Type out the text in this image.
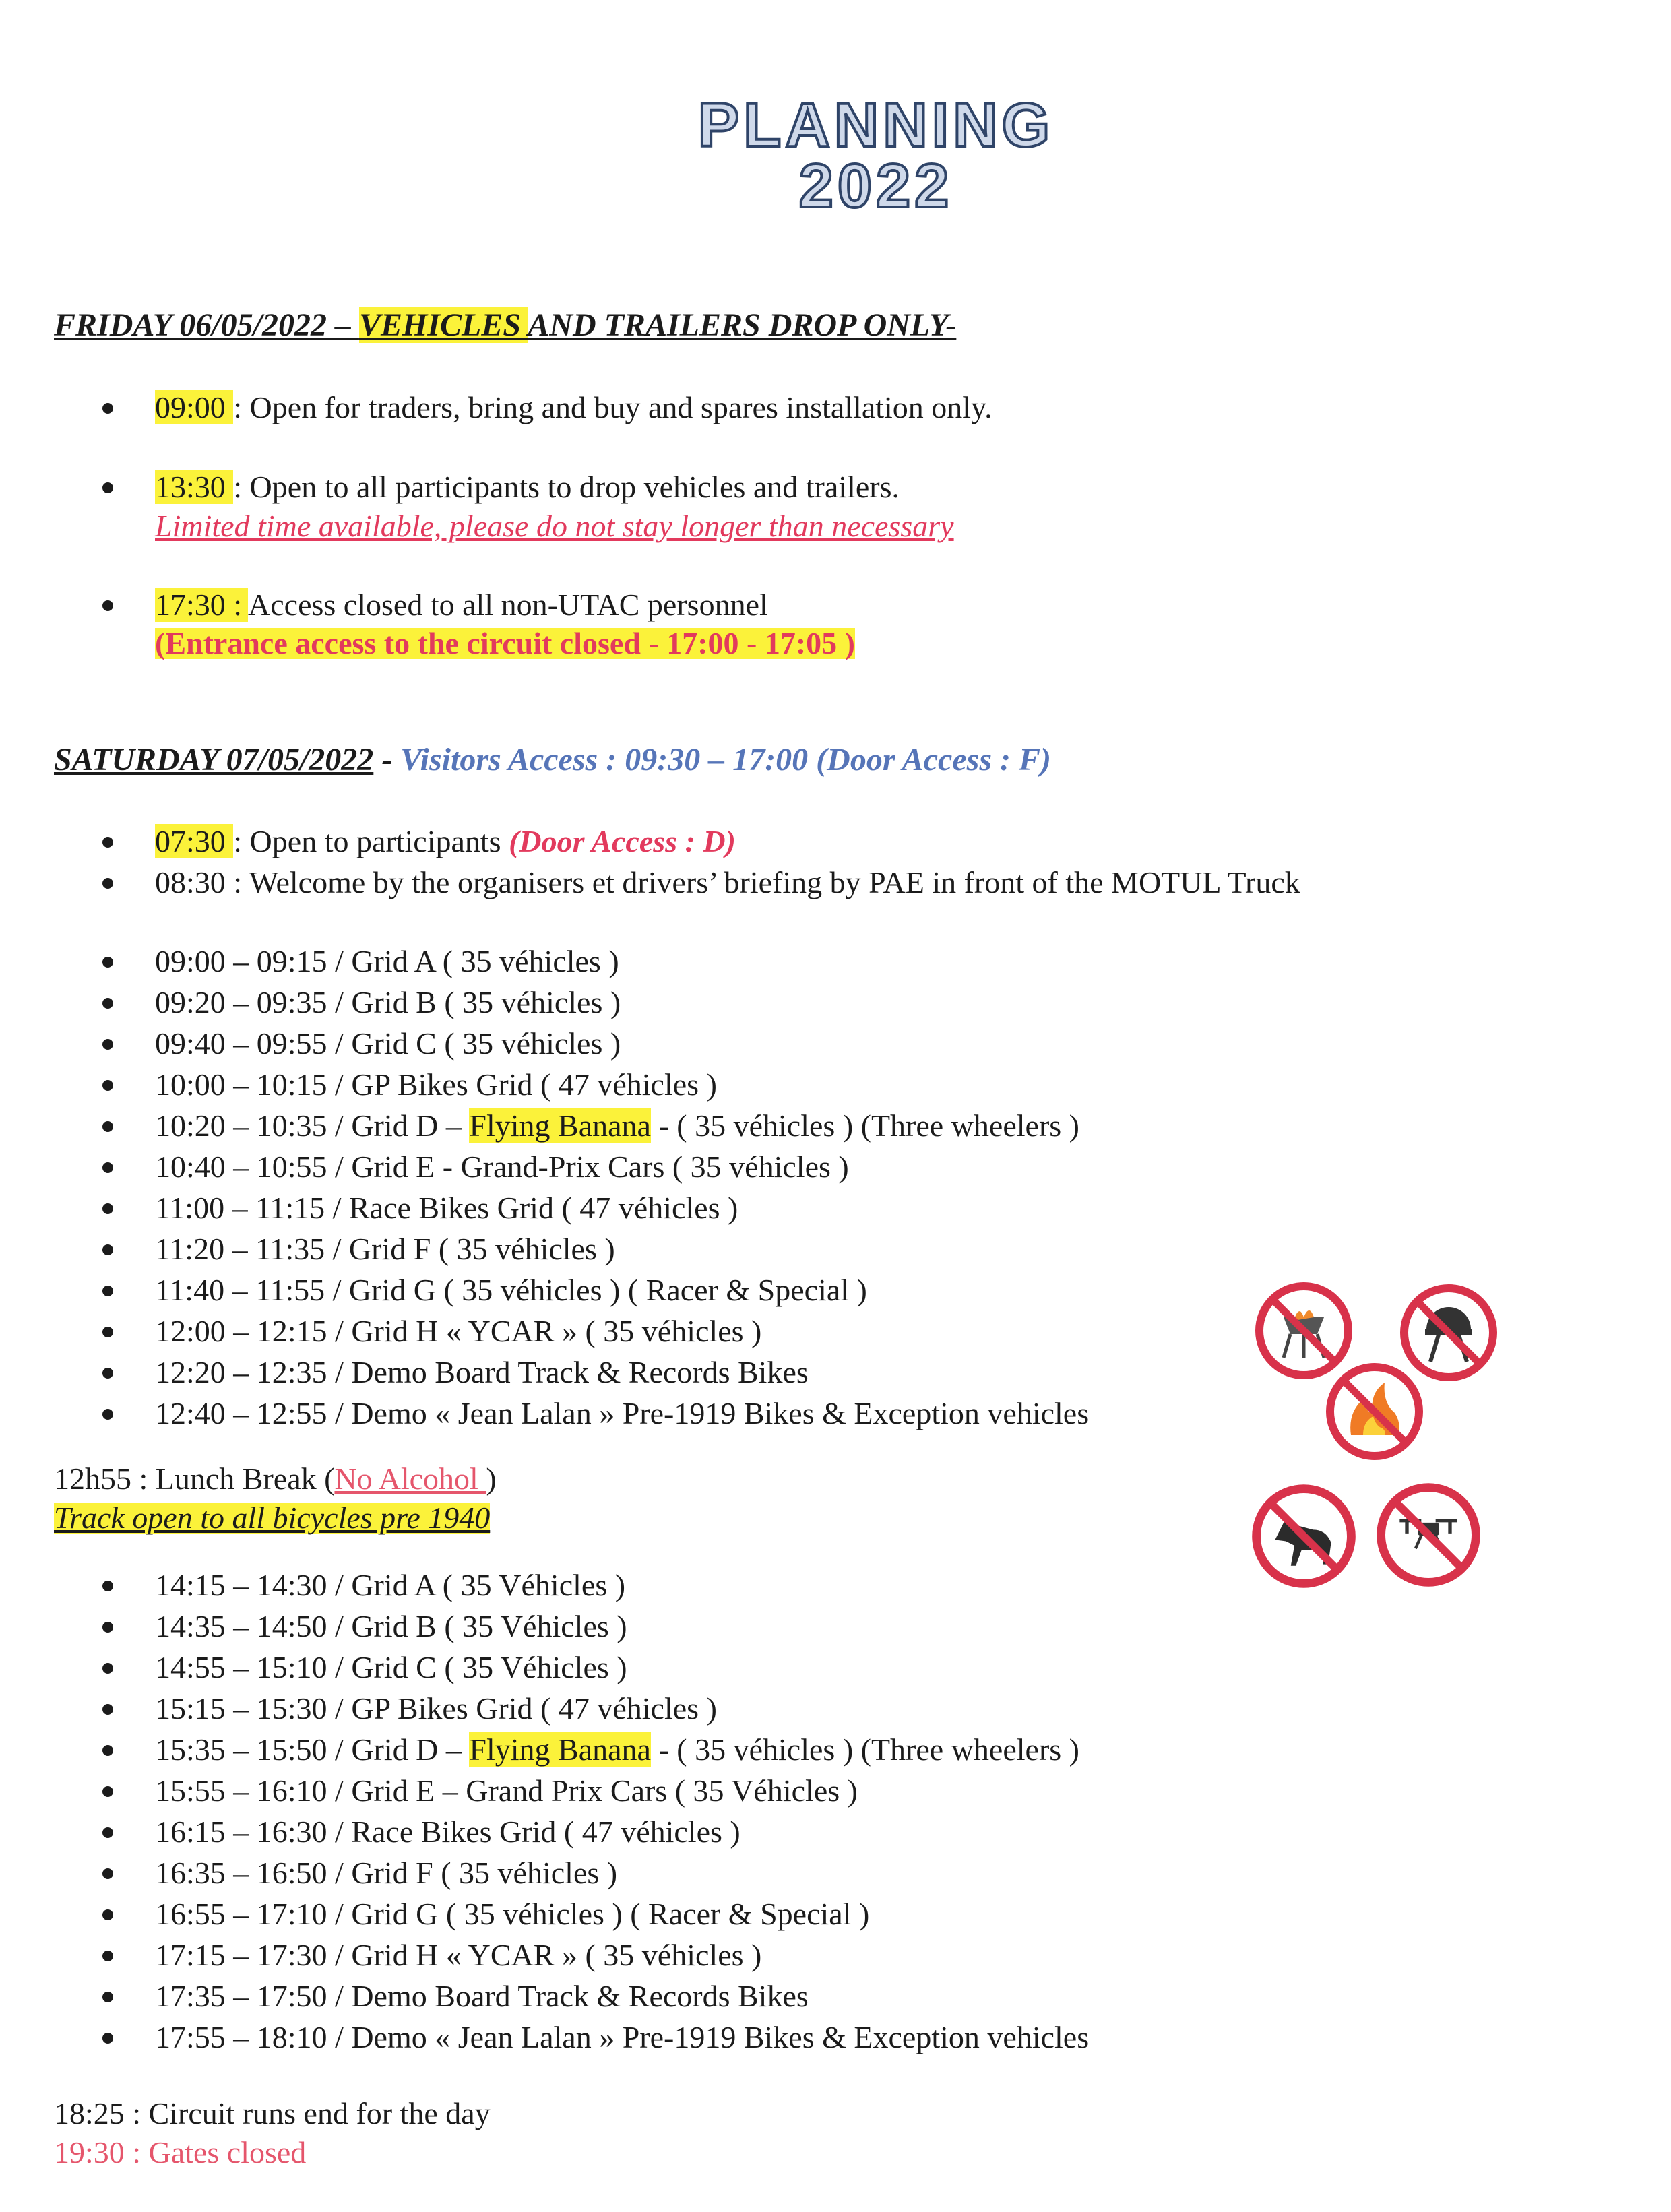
PLANNING
2022
FRIDAY 06/05/2022 – VEHICLES AND TRAILERS DROP ONLY-
09:00 : Open for traders, bring and buy and spares installation only.
13:30 : Open to all participants to drop vehicles and trailers.
Limited time available, please do not stay longer than necessary
17:30 : Access closed to all non-UTAC personnel
(Entrance access to the circuit closed - 17:00 - 17:05 )
SATURDAY 07/05/2022 - Visitors Access : 09:30 – 17:00 (Door Access : F)
07:30 : Open to participants (Door Access : D)
08:30 : Welcome by the organisers et drivers’ briefing by PAE in front of the MOTUL Truck
09:00 – 09:15 / Grid A ( 35 véhicles )
09:20 – 09:35 / Grid B ( 35 véhicles )
09:40 – 09:55 / Grid C ( 35 véhicles )
10:00 – 10:15 / GP Bikes Grid ( 47 véhicles )
10:20 – 10:35 / Grid D – Flying Banana - ( 35 véhicles ) (Three wheelers )
10:40 – 10:55 / Grid E - Grand-Prix Cars ( 35 véhicles )
11:00 – 11:15 / Race Bikes Grid ( 47 véhicles )
11:20 – 11:35 / Grid F ( 35 véhicles )
11:40 – 11:55 / Grid G ( 35 véhicles ) ( Racer & Special )
12:00 – 12:15 / Grid H « YCAR » ( 35 véhicles )
12:20 – 12:35 / Demo Board Track & Records Bikes
12:40 – 12:55 / Demo « Jean Lalan » Pre-1919 Bikes & Exception vehicles
12h55 : Lunch Break (No Alcohol )
Track open to all bicycles pre 1940
14:15 – 14:30 / Grid A ( 35 Véhicles )
14:35 – 14:50 / Grid B ( 35 Véhicles )
14:55 – 15:10 / Grid C ( 35 Véhicles )
15:15 – 15:30 / GP Bikes Grid ( 47 véhicles )
15:35 – 15:50 / Grid D – Flying Banana - ( 35 véhicles ) (Three wheelers )
15:55 – 16:10 / Grid E – Grand Prix Cars ( 35 Véhicles )
16:15 – 16:30 / Race Bikes Grid ( 47 véhicles )
16:35 – 16:50 / Grid F ( 35 véhicles )
16:55 – 17:10 / Grid G ( 35 véhicles ) ( Racer & Special )
17:15 – 17:30 / Grid H « YCAR » ( 35 véhicles )
17:35 – 17:50 / Demo Board Track & Records Bikes
17:55 – 18:10 / Demo « Jean Lalan » Pre-1919 Bikes & Exception vehicles
18:25 : Circuit runs end for the day
19:30 : Gates closed
